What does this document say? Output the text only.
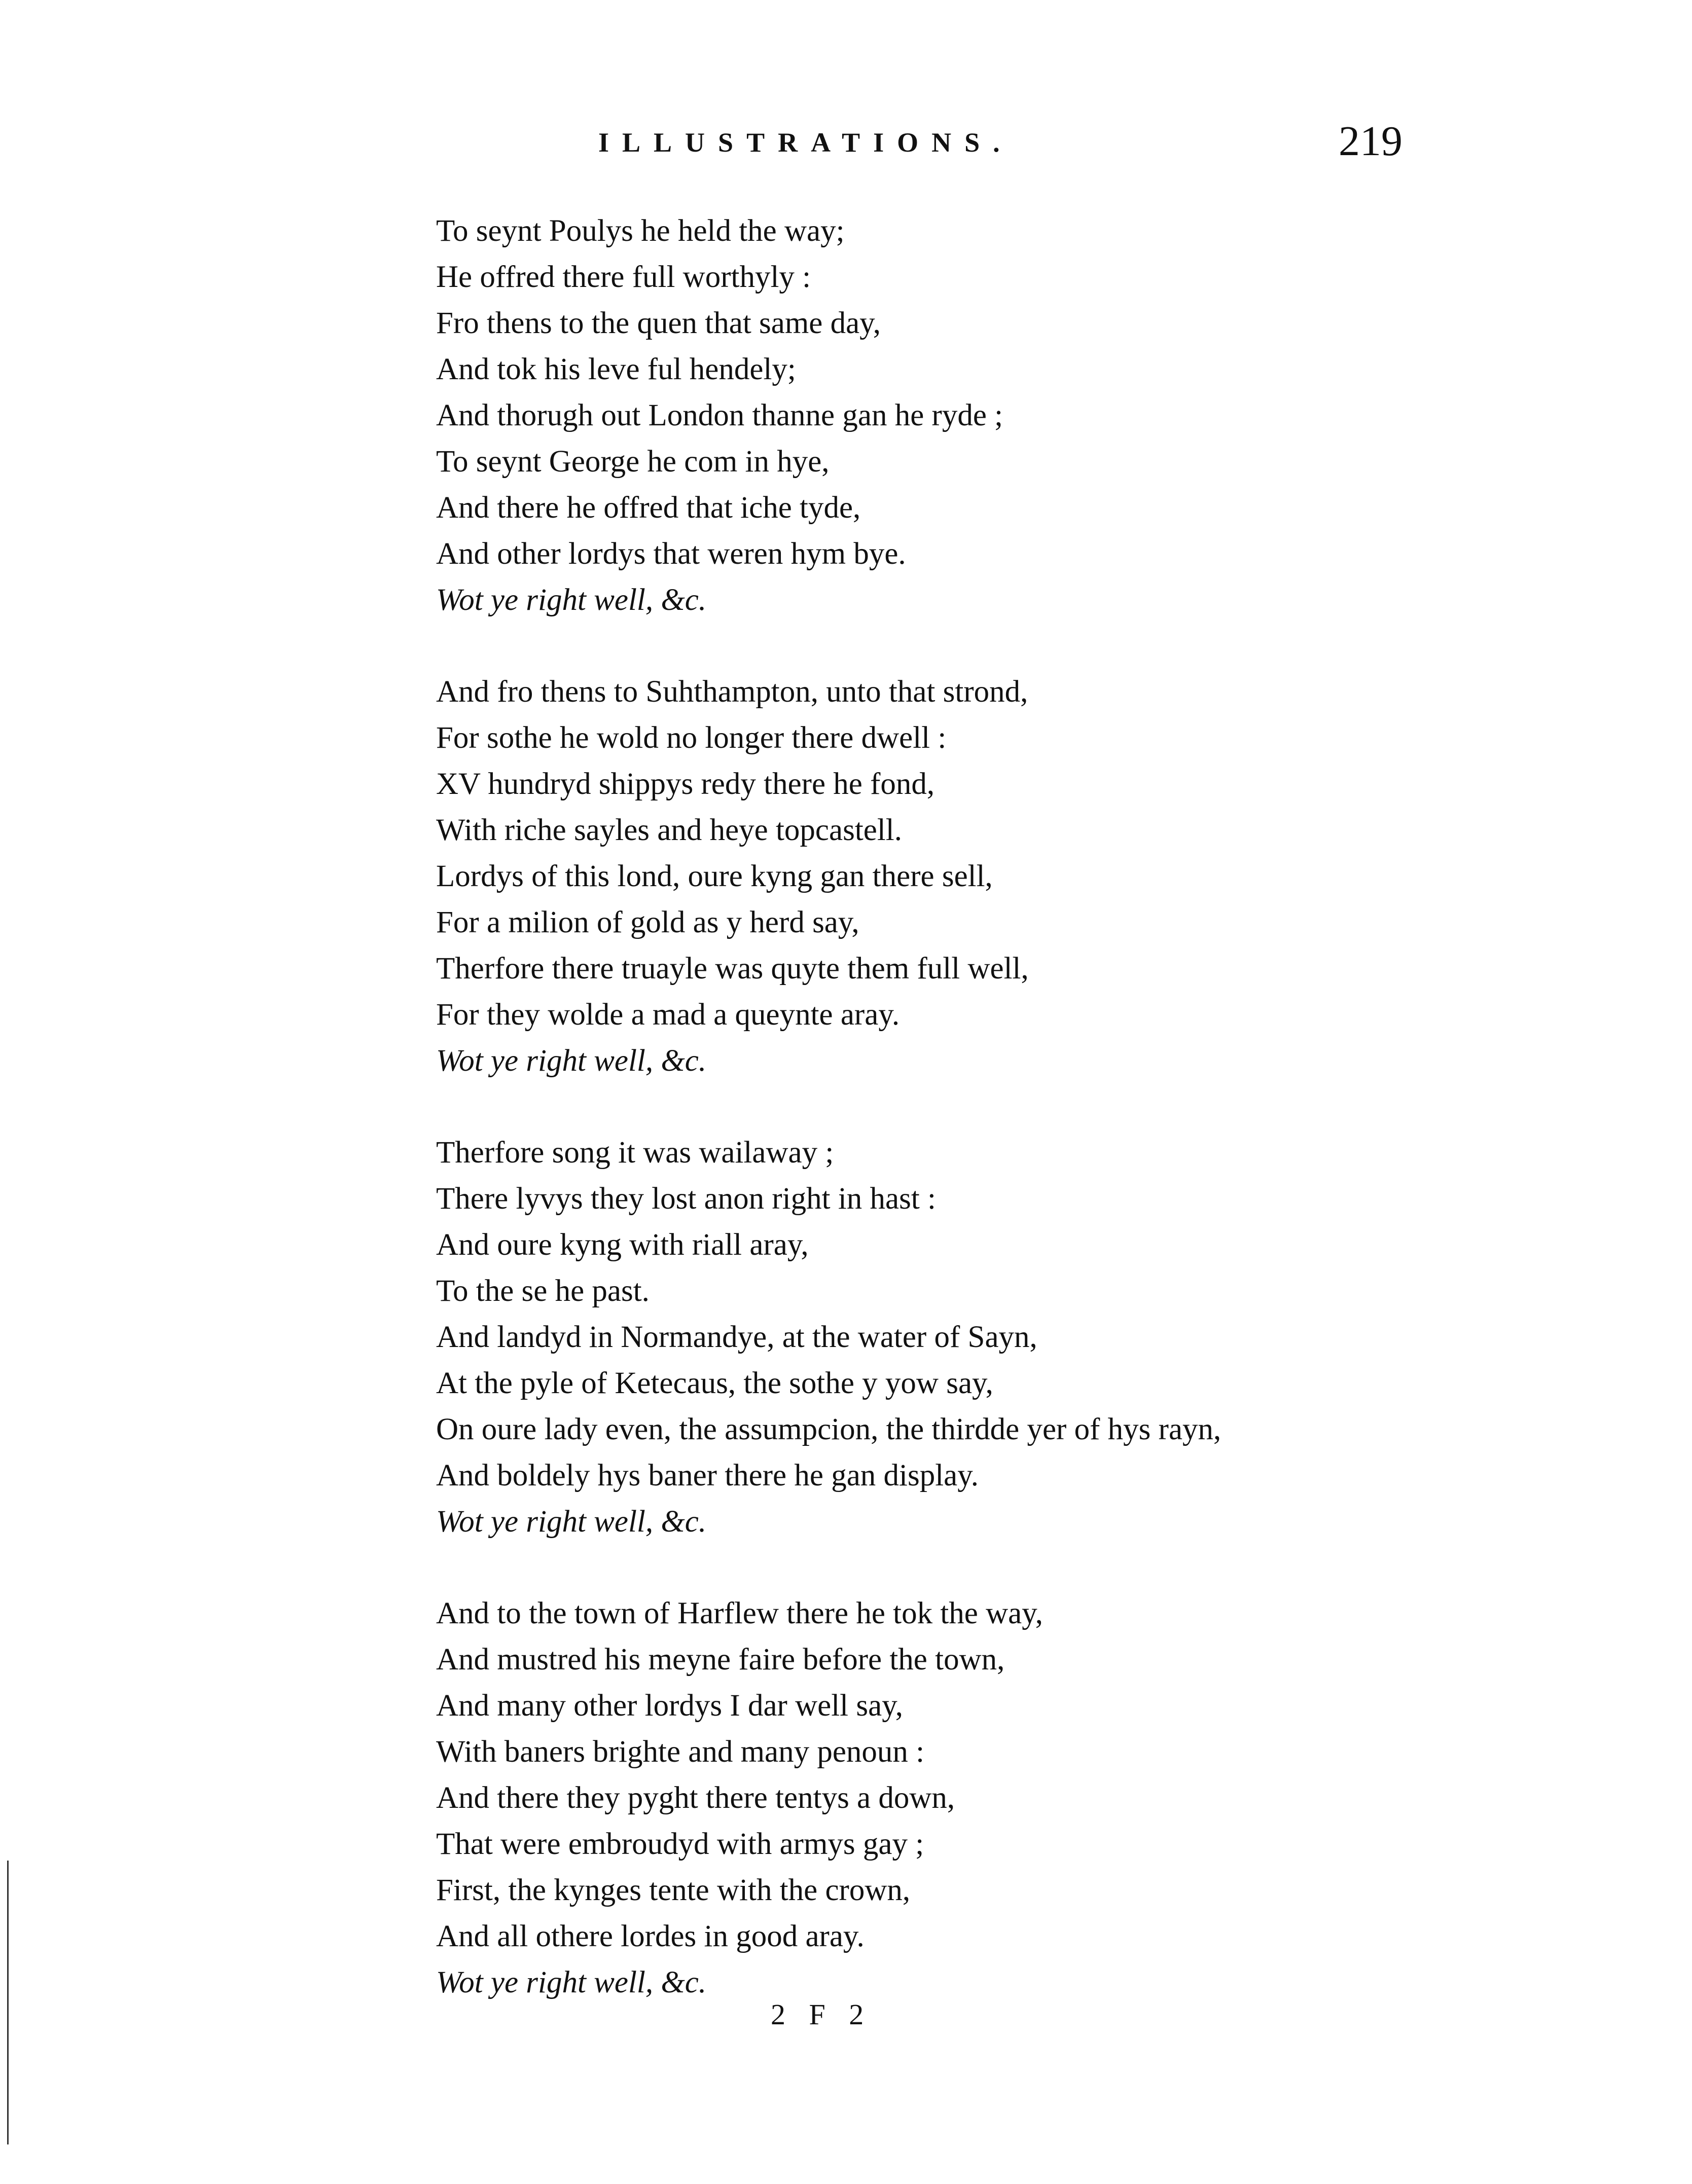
ILLUSTRATIONS.	219
To seynt Poulys he held the way;
He offred there full worthyly :
Fro thens to the quen that same day,
And tok his leve ful hendely;
And thorugh out London thanne gan he ryde ;
To seynt George he com in hye,
And there he offred that iche tyde,
And other lordys that weren hym bye.
Wot ye right well, &c.
And fro thens to Suhthampton, unto that strond,
For sothe he wold no longer there dwell :
XV hundryd shippys redy there he fond,
With riche sayles and heye topcastell.
Lordys of this lond, oure kyng gan there sell,
For a milion of gold as y herd say,
Therfore there truayle was quyte them full well,
For they wolde a mad a queynte aray.
Wot ye right well, &c.
Therfore song it was wailaway ;
There lyvys they lost anon right in hast :
And oure kyng with riall aray,
To the se he past.
And landyd in Normandye, at the water of Sayn,
At the pyle of Ketecaus, the sothe y yow say,
On oure lady even, the assumpcion, the thirdde yer of hys rayn,
And boldely hys baner there he gan display.
Wot ye right well, &c.
And to the town of Harflew there he tok the way,
And mustred his meyne faire before the town,
And many other lordys I dar well say,
With baners brighte and many penoun :
And there they pyght there tentys a down,
That were embroudyd with armys gay ;
First, the kynges tente with the crown,
And all othere lordes in good aray.
Wot ye right well, &c.
2 F 2
